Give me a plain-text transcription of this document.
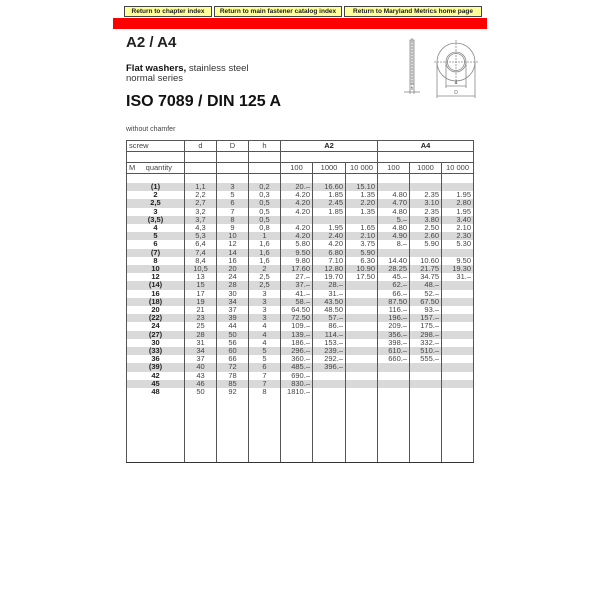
Return to chapter index	Return to main fastener catalog index	Return to Maryland Metrics home page
A2 / A4
Flat washers, stainless steel
normal series
ISO 7089 / DIN 125 A
without chamfer
h
d
D
screw	d	D	h	A2			A4		

M quantity				100	1000	10 000	100	1000	10 000

(1)	1,1	3	0,2	20.–	16.60	15.10			
2	2,2	5	0,3	4.20	1.85	1.35	4.80	2.35	1.95
2,5	2,7	6	0,5	4.20	2.45	2.20	4.70	3.10	2.80
3	3,2	7	0,5	4.20	1.85	1.35	4.80	2.35	1.95
(3,5)	3,7	8	0,5				5.–	3.80	3.40
4	4,3	9	0,8	4.20	1.95	1.65	4.80	2.50	2.10
5	5,3	10	1	4.20	2.40	2.10	4.90	2.60	2.30
6	6,4	12	1,6	5.80	4.20	3.75	8.–	5.90	5.30
(7)	7,4	14	1,6	9.50	6.80	5.90			
8	8,4	16	1,6	9.80	7.10	6.30	14.40	10.60	9.50
10	10,5	20	2	17.60	12.80	10.90	28.25	21.75	19.30
12	13	24	2,5	27.–	19.70	17.50	45.–	34.75	31.–
(14)	15	28	2,5	37.–	28.–		62.–	48.–	
16	17	30	3	41.–	31.–		66.–	52.–	
(18)	19	34	3	58.–	43.50		87.50	67.50	
20	21	37	3	64.50	48.50		116.–	93.–	
(22)	23	39	3	72.50	57.–		196.–	157.–	
24	25	44	4	109.–	86.–		209.–	175.–	
(27)	28	50	4	139.–	114.–		356.–	298.–	
30	31	56	4	186.–	153.–		398.–	332.–	
(33)	34	60	5	296.–	239.–		610.–	510.–	
36	37	66	5	360.–	292.–		660.–	555.–	
(39)	40	72	6	485.–	396.–				
42	43	78	7	690.–					
45	46	85	7	830.–					
48	50	92	8	1810.–					
